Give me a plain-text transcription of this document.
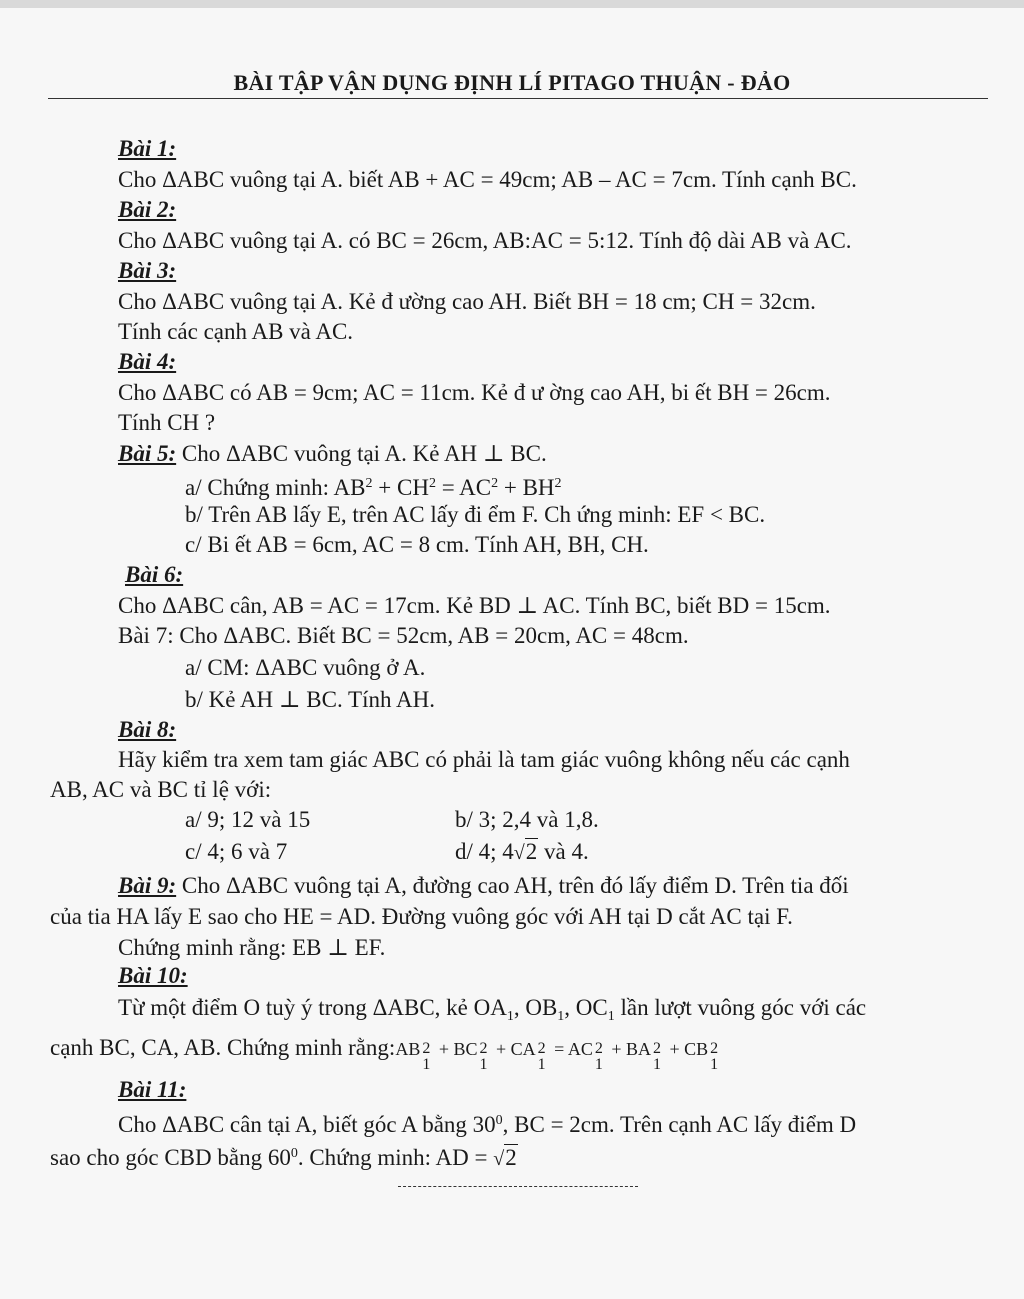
BÀI TẬP VẬN DỤNG ĐỊNH LÍ PITAGO THUẬN - ĐẢO
Bài 1:
Cho ΔABC vuông tại A. biết AB + AC = 49cm; AB – AC = 7cm. Tính cạnh BC.
Bài 2:
Cho ΔABC vuông tại A. có BC = 26cm, AB:AC = 5:12. Tính độ dài AB và AC.
Bài 3:
Cho ΔABC vuông tại A. Kẻ đ ường cao AH. Biết BH = 18 cm; CH = 32cm.
Tính các cạnh AB và AC.
Bài 4:
Cho ΔABC có AB = 9cm; AC = 11cm. Kẻ đ ư ờng cao AH, bi ết BH = 26cm.
Tính CH ?
Bài 5: Cho ΔABC vuông tại A. Kẻ AH ⊥ BC.
a/ Chứng minh: $AB^2 + CH^2 = AC^2 + BH^2$
b/ Trên AB lấy E, trên AC lấy đi ểm F. Ch ứng minh: EF < BC.
c/ Bi ết AB = 6cm, AC = 8 cm. Tính AH, BH, CH.
Bài 6:
Cho ΔABC cân, AB = AC = 17cm. Kẻ BD ⊥ AC. Tính BC, biết BD = 15cm.
Bài 7: Cho ΔABC. Biết BC = 52cm, AB = 20cm, AC = 48cm.
a/ CM: ΔABC vuông ở A.
b/ Kẻ AH ⊥ BC. Tính AH.
Bài 8:
Hãy kiểm tra xem tam giác ABC có phải là tam giác vuông không nếu các cạnh
AB, AC và BC tỉ lệ với:
a/ 9; 12 và 15	b/ 3; 2,4 và 1,8.
c/ 4; 6 và 7	d/ 4; 4√2 và 4.
Bài 9: Cho ΔABC vuông tại A, đường cao AH, trên đó lấy điểm D. Trên tia đối
của tia HA lấy E sao cho HE = AD. Đường vuông góc với AH tại D cắt AC tại F.
Chứng minh rằng: EB ⊥ EF.
Bài 10:
Từ một điểm O tuỳ ý trong ΔABC, kẻ $OA_1$, $OB_1$, $OC_1$ lần lượt vuông góc với các
cạnh BC, CA, AB. Chứng minh rằng:AB 2
1
+ BC 2
1
+ CA 2
1
= AC 2
1
+ BA 2
1
+ CB 2
1
Bài 11:
Cho ΔABC cân tại A, biết góc A bằng $30^0$, BC = 2cm. Trên cạnh AC lấy điểm D
sao cho góc CBD bằng $60^0$. Chứng minh: AD = √2
